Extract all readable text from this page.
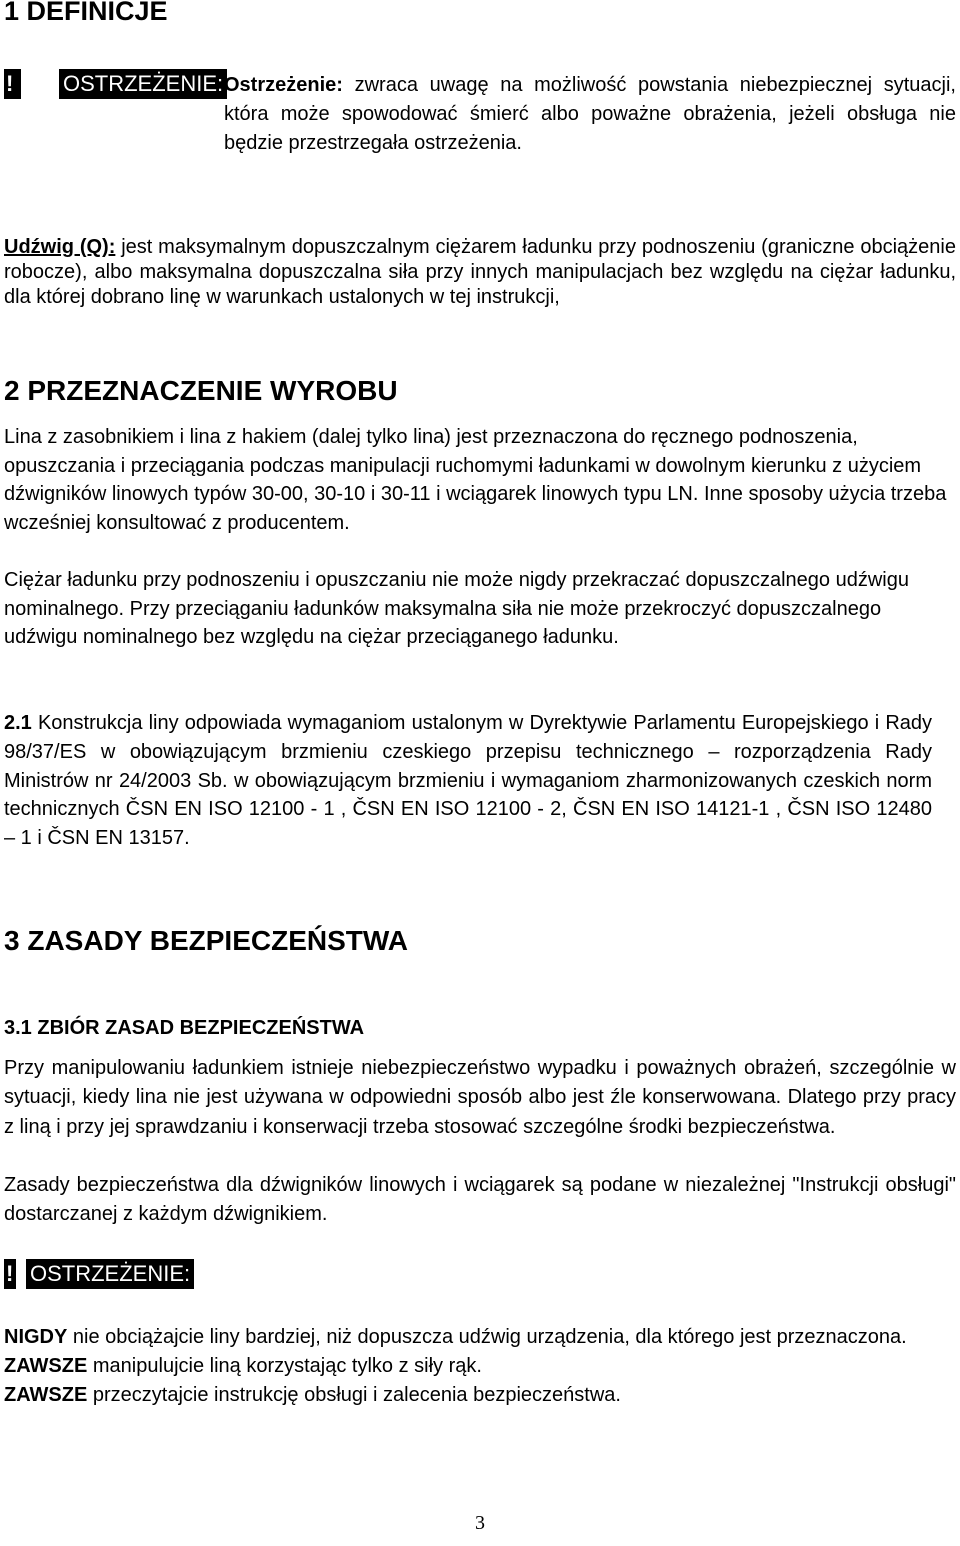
1 DEFINICJE
!	OSTRZEŻENIE: Ostrzeżenie: zwraca uwagę na możliwość powstania niebezpiecznej sytuacji, która może spowodować śmierć albo poważne obrażenia, jeżeli obsługa nie będzie przestrzegała ostrzeżenia.
Udźwig (Q): jest maksymalnym dopuszczalnym ciężarem ładunku przy podnoszeniu (graniczne obciążenie robocze), albo maksymalna dopuszczalna siła przy innych manipulacjach bez względu na ciężar ładunku, dla której dobrano linę w warunkach ustalonych w tej instrukcji,
2 PRZEZNACZENIE WYROBU
Lina z zasobnikiem i lina z hakiem (dalej tylko lina) jest przeznaczona do ręcznego podnoszenia, opuszczania i przeciągania podczas manipulacji ruchomymi ładunkami w dowolnym kierunku z użyciem dźwigników linowych typów 30-00, 30-10 i 30-11 i wciągarek linowych typu LN. Inne sposoby użycia trzeba wcześniej konsultować z producentem.
Ciężar ładunku przy podnoszeniu i opuszczaniu nie może nigdy przekraczać dopuszczalnego udźwigu nominalnego. Przy przeciąganiu ładunków maksymalna siła nie może przekroczyć dopuszczalnego udźwigu nominalnego bez względu na ciężar przeciąganego ładunku.
2.1 Konstrukcja liny odpowiada wymaganiom ustalonym w Dyrektywie Parlamentu Europejskiego i Rady 98/37/ES w obowiązującym brzmieniu czeskiego przepisu technicznego – rozporządzenia Rady Ministrów nr 24/2003 Sb. w obowiązującym brzmieniu i wymaganiom zharmonizowanych czeskich norm technicznych ČSN EN ISO 12100 - 1 , ČSN EN ISO 12100 - 2, ČSN EN ISO 14121-1 , ČSN ISO 12480 – 1 i ČSN EN 13157.
3 ZASADY BEZPIECZEŃSTWA
3.1 ZBIÓR ZASAD BEZPIECZEŃSTWA
Przy manipulowaniu ładunkiem istnieje niebezpieczeństwo wypadku i poważnych obrażeń, szczególnie w sytuacji, kiedy lina nie jest używana w odpowiedni sposób albo jest źle konserwowana. Dlatego przy pracy z liną i przy jej sprawdzaniu i konserwacji trzeba stosować szczególne środki bezpieczeństwa.
Zasady bezpieczeństwa dla dźwigników linowych i wciągarek są podane w niezależnej "Instrukcji obsługi" dostarczanej z każdym dźwignikiem.
! OSTRZEŻENIE:
NIGDY nie obciążajcie liny bardziej, niż dopuszcza udźwig urządzenia, dla którego jest przeznaczona.
ZAWSZE manipulujcie liną korzystając tylko z siły rąk.
ZAWSZE przeczytajcie instrukcję obsługi i zalecenia bezpieczeństwa.
3
